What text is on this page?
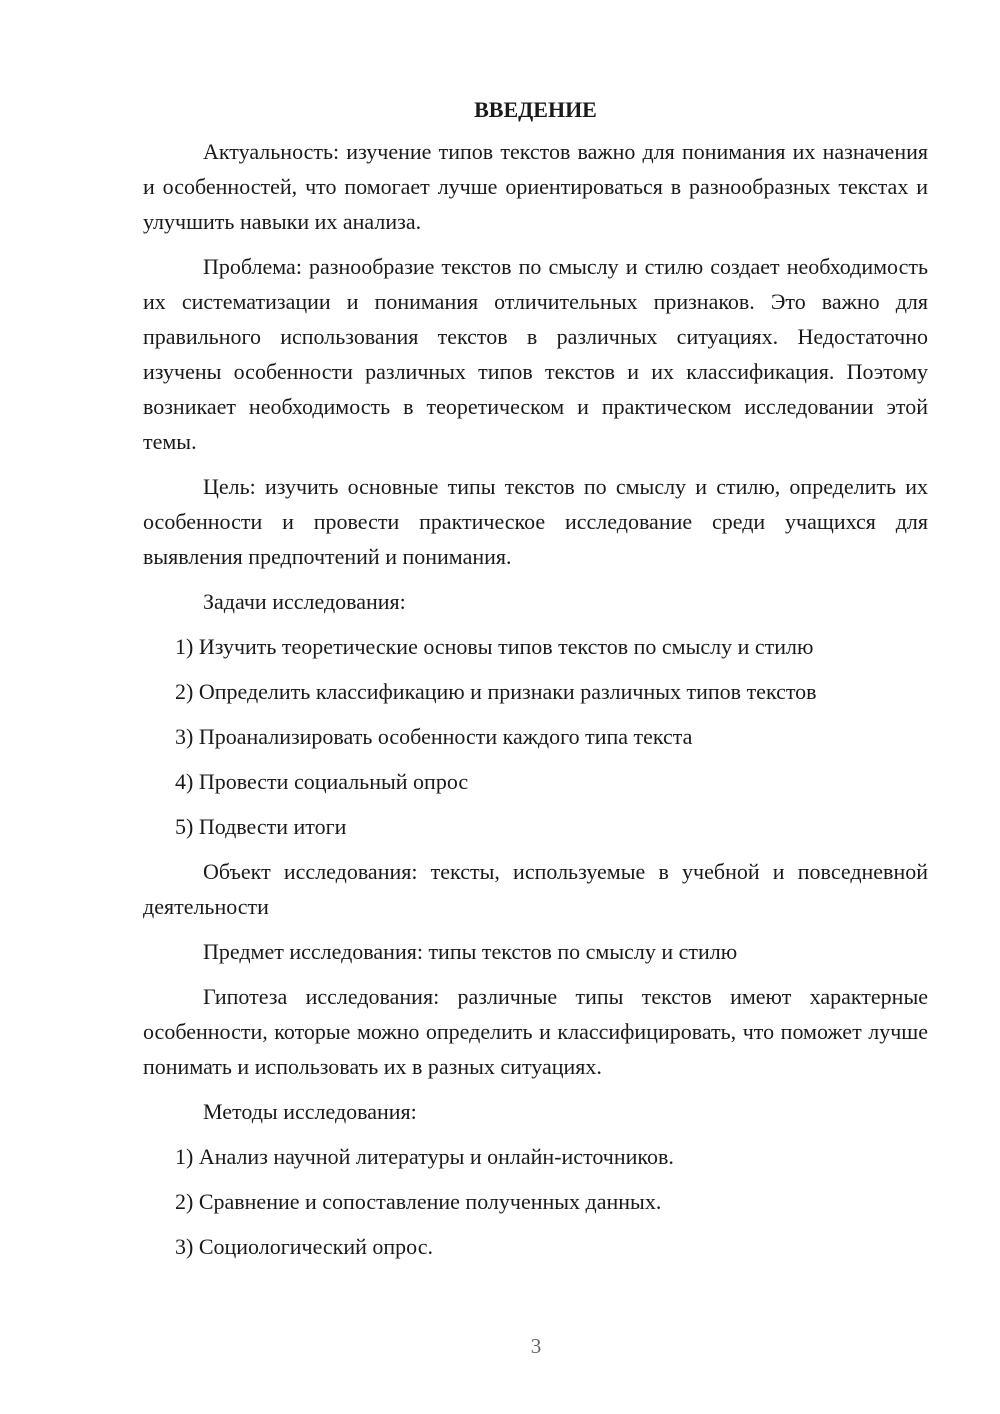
ВВЕДЕНИЕ

Актуальность: изучение типов текстов важно для понимания их назначения и особенностей, что помогает лучше ориентироваться в разнообразных текстах и улучшить навыки их анализа.

Проблема: разнообразие текстов по смыслу и стилю создает необходимость их систематизации и понимания отличительных признаков. Это важно для правильного использования текстов в различных ситуациях. Недостаточно изучены особенности различных типов текстов и их классификация. Поэтому возникает необходимость в теоретическом и практическом исследовании этой темы.

Цель: изучить основные типы текстов по смыслу и стилю, определить их особенности и провести практическое исследование среди учащихся для выявления предпочтений и понимания.

Задачи исследования:

1) Изучить теоретические основы типов текстов по смыслу и стилю
2) Определить классификацию и признаки различных типов текстов
3) Проанализировать особенности каждого типа текста
4) Провести социальный опрос
5) Подвести итоги

Объект исследования: тексты, используемые в учебной и повседневной деятельности

Предмет исследования: типы текстов по смыслу и стилю

Гипотеза исследования: различные типы текстов имеют характерные особенности, которые можно определить и классифицировать, что поможет лучше понимать и использовать их в разных ситуациях.

Методы исследования:

1) Анализ научной литературы и онлайн-источников.
2) Сравнение и сопоставление полученных данных.
3) Социологический опрос.
3
